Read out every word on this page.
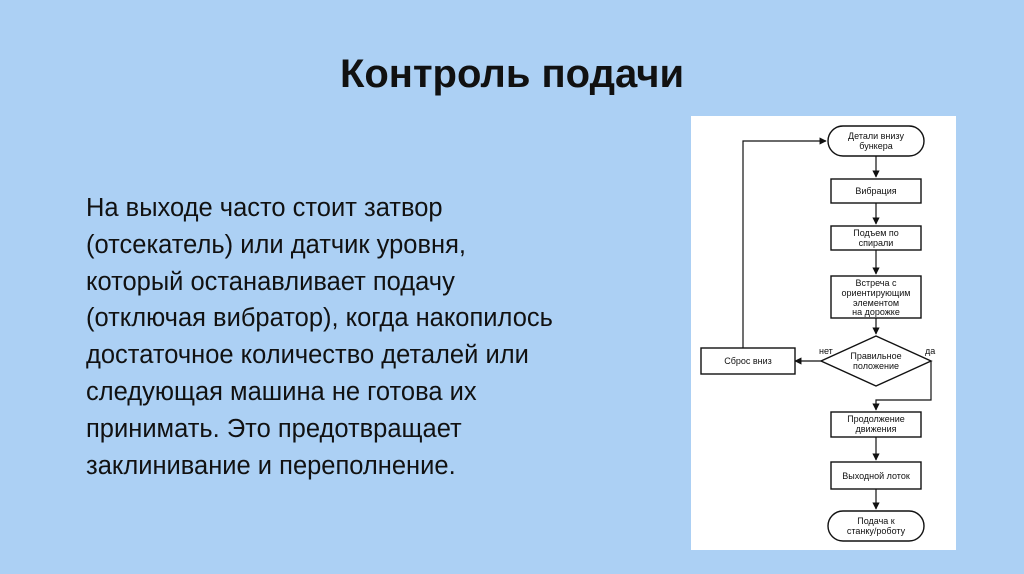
Контроль подачи
На выходе часто стоит затвор
(отсекатель) или датчик уровня,
который останавливает подачу
(отключая вибратор), когда накопилось
достаточное количество деталей или
следующая машина не готова их
принимать. Это предотвращает
заклинивание и переполнение.
Детали внизу
бункера
Вибрация
Подъем по
спирали
Встреча с
ориентирующим
элементом
на дорожке
Правильное
положение
нет	да
Сброс вниз
Продолжение
движения
Выходной лоток
Подача к
станку/роботу
